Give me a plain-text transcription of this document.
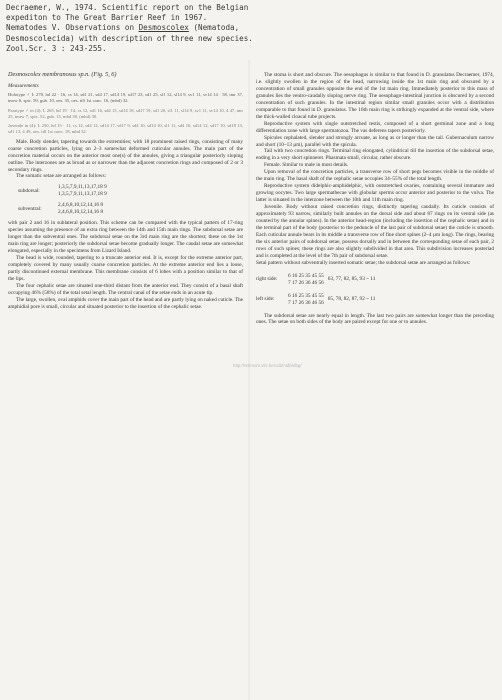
Decraemer, W., 1974. Scientific report on the Belgian
expediton to The Great Barrier Reef in 1967.
Nematodes V. Observations on Desmoscolex (Nematoda,
Desmoscolecida) with description of three new species.
Zool.Scr. 3 : 243-255.
Desmoscolex membranosus sp.n. (Fig. 5, 6)
Measurements

Holotype ♂ I: 270, hd 22 · 16, cs 14, sd1 21, sd4 17, sd14 19, sd17 23, sd1 25, sl1 12, sl14 9, sv1 11, sv14 14 · 58, tmr 37, tmrw 6, spic. 59, gub. 10, oes. 35, oes. till 1st conc. 16, (mbd) 32.

Paratype ♂ in (4): L 265, hd 19 · 14, cs 12, sd1 16, sd4 15, sd14 18, sd17 19, sd1 20, sl1 11, sl14 9, sv1 11, sv14 10, 4 47, tmr 25, tmrw 7, spic. 52, gub. 13, mbd 38, (mbd) 30.

Juvenile in (4): L 250, hd 15 · 11, cs 12, sd4 12, sd14 17, sd17 9, sd4 10, sd14 10, sl1 11, sd4 10, sd14 12, sd17 10, sd18 13, sd1 13, 4 49, oes. till 1st conc. 18, mbd 32.

Male. Body slender, tapering towards the extremities; with 18 prominent raised rings, consisting of many coarse concretion particles, lying on 2–3 somewhat deformed cuticular annules. The main part of the concretion material occurs on the anterior most one(s) of the annules, giving a triangular posteriorly sloping outline. The interzones are as broad as or narrower than the adjacent concretion rings and composed of 2 or 3 secondary rings.

The somatic setae are arranged as follows:

subdorsal:
1,3,5,7,9,11,13,17,18 9
1,3,5,7,9,11,13,17,18 9
subventral:
2,4,6,8,10,12,14,16 8
2,4,6,8,10,12,14,16 8

with pair 2 and 16 in sublateral position. This scheme can be compared with the typical pattern of 17-ring species assuming the presence of an extra ring between the 14th and 15th main rings. The subdorsal setae are longer than the subventral ones. The subdorsal setae on the 3rd main ring are the shortest; these on the 1st main ring are longer; posteriorly the subdorsal setae become gradually longer. The caudal setae are somewhat elongated, especially in the specimens from Lizard Island.

The head is wide, rounded, tapering to a truncate anterior end. It is, except for the extreme anterior part, completely covered by many usually coarse concretion particles. At the extreme anterior end lies a loose, partly discontinued external membrane. This membrane consists of 6 lobes with a position similar to that of the lips.

The four cephalic setae are situated one-third distant from the anterior end. They consist of a basal shaft occupying 46% (58%) of the total setal length. The central canal of the setae ends in an acute tip.

The large, swollen, oval amphids cover the main part of the head and are partly lying on naked cuticle. The amphidial pore is small, circular and situated posterior to the insertion of the cephalic setae.

http://nttrmom.vliz.be/cdb/ntdb/dbg/

The stoma is short and obscure. The oesophagus is similar to that found in D. granulatus Decraemer, 1974, i.e. slightly swollen in the region of the head, narrowing inside the 1st main ring and obscured by a concentration of small granules opposite the end of the 1st main ring. Immediately posterior to this mass of granules lies the ventro-caudally sloping nerve ring. The oesophago-intestinal junction is obscured by a second concentration of such granules. In the intestinal region similar small granules occur with a distribution comparable to that found in D. granulatus. The 16th main ring is strikingly expanded at the ventral side, where the thick-walled cloacal tube projects.

Reproductive system with single outstretched testis, composed of a short germinal zone and a long differentiation zone with large spermatozoa. The vas deferens tapers posteriorly.

Spicules cephalated, slender and strongly arcuate, as long as or longer than the tail. Gubernaculum narrow and short (10–13 µm), parallel with the spicula.

Tail with two concretion rings. Terminal ring elongated, cylindrical till the insertion of the subdorsal setae, ending in a very short spinneret. Phasmata small, circular, rather obscure.

Female. Similar to male in most details.

Upon removal of the concretion particles, a transverse row of short pegs becomes visible in the middle of the main ring. The basal shaft of the cephalic setae occupies 34–55% of the total length.

Reproductive system didelphic-amphidelphic, with outstretched ovaries, containing several immature and growing oocytes. Two large spermathecae with globular sperms occur anterior and posterior to the vulva. The latter is situated in the interzone between the 10th and 11th main ring.

Juvenile. Body without raised concretion rings, distinctly tapering caudally. Its cuticle consists of approximately 93 narrow, similarly built annules on the dorsal side and about 87 rings on its ventral side (as counted by the annular spines). In the anterior head-region (including the insertion of the cephalic setae) and in the terminal part of the body (posterior to the peduncle of the last pair of subdorsal setae) the cuticle is smooth. Each cuticular annule bears in its middle a transverse row of fine short spines (2–4 µm long). The rings, bearing the six anterior pairs of subdorsal setae, possess dorsally and in between the corresponding setae of each pair, 2 rows of such spines; these rings are also slightly subdivided in that area. This subdivision increases posteriad and is completed at the level of the 7th pair of subdorsal setae.

Setal pattern without subventrally inserted somatic setae; the subdorsal setae are arranged as follows:

right side:
6 16 25 35 45 55
7 17 26 36 46 56
63, 77, 82, 85, 93 ~ 11
left side:
6 16 25 35 45 55
7 17 26 36 46 56
65, 78, 82, 87, 92 ~ 11

The subdorsal setae are nearly equal in length. The last two pairs are somewhat longer than the preceding ones. The setae on both sides of the body are paired except for one or to annules.
